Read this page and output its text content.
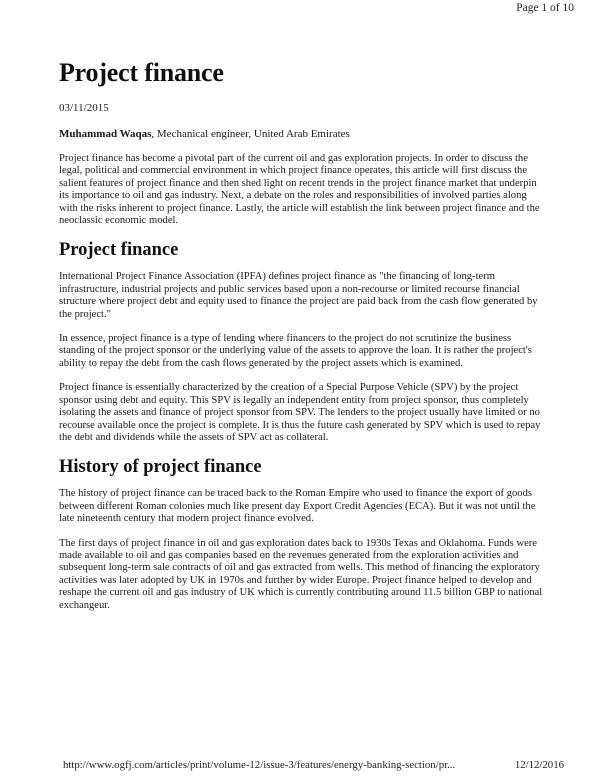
Page 1 of 10
Project finance
03/11/2015
Muhammad Waqas, Mechanical engineer, United Arab Emirates

Project finance has become a pivotal part of the current oil and gas exploration projects. In order to discuss the legal, political and commercial environment in which project finance operates, this article will first discuss the salient features of project finance and then shed light on recent trends in the project finance market that underpin its importance to oil and gas industry. Next, a debate on the roles and responsibilities of involved parties along with the risks inherent to project finance. Lastly, the article will establish the link between project finance and the neoclassic economic model.

Project finance

International Project Finance Association (IPFA) defines project finance as "the financing of long-term infrastructure, industrial projects and public services based upon a non-recourse or limited recourse financial structure where project debt and equity used to finance the project are paid back from the cash flow generated by the project."

In essence, project finance is a type of lending where financers to the project do not scrutinize the business standing of the project sponsor or the underlying value of the assets to approve the loan. It is rather the project's ability to repay the debt from the cash flows generated by the project assets which is examined.

Project finance is essentially characterized by the creation of a Special Purpose Vehicle (SPV) by the project sponsor using debt and equity. This SPV is legally an independent entity from project sponsor, thus completely isolating the assets and finance of project sponsor from SPV. The lenders to the project usually have limited or no recourse available once the project is complete. It is thus the future cash generated by SPV which is used to repay the debt and dividends while the assets of SPV act as collateral.

History of project finance

The history of project finance can be traced back to the Roman Empire who used to finance the export of goods between different Roman colonies much like present day Export Credit Agencies (ECA). But it was not until the late nineteenth century that modern project finance evolved.

The first days of project finance in oil and gas exploration dates back to 1930s Texas and Oklahoma. Funds were made available to oil and gas companies based on the revenues generated from the exploration activities and subsequent long-term sale contracts of oil and gas extracted from wells. This method of financing the exploratory activities was later adopted by UK in 1970s and further by wider Europe. Project finance helped to develop and reshape the current oil and gas industry of UK which is currently contributing around 11.5 billion GBP to national exchangeur.

http://www.ogfj.com/articles/print/volume-12/issue-3/features/energy-banking-section/pr...	12/12/2016
